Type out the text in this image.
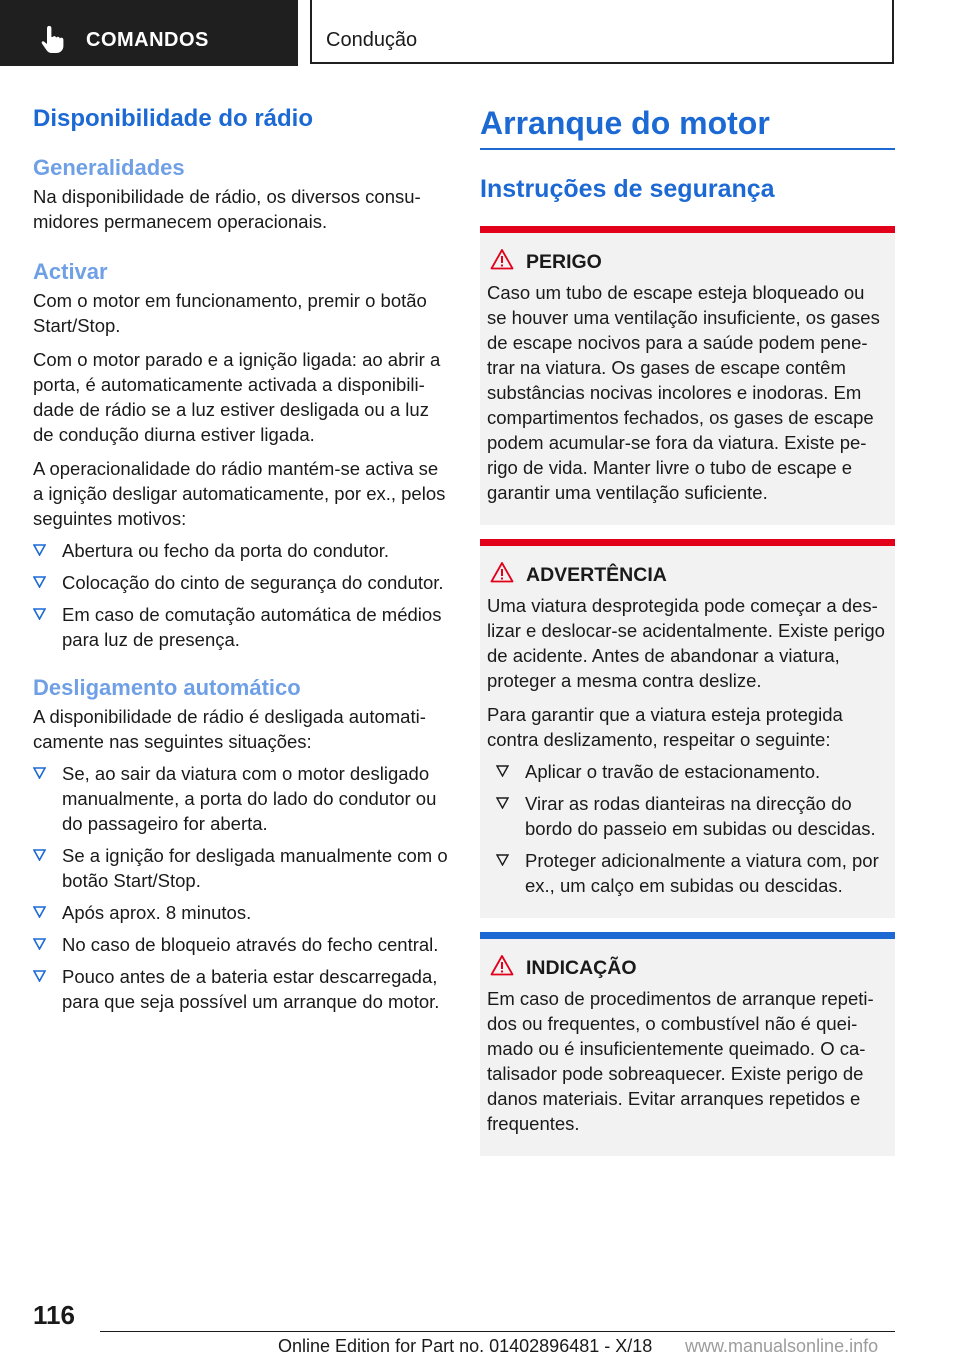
COMANDOS	Condução
Disponibilidade do rádio
Generalidades

Na disponibilidade de rádio, os diversos consumidores permanecem operacionais.

Activar

Com o motor em funcionamento, premir o botão Start/Stop.

Com o motor parado e a ignição ligada: ao abrir a porta, é automaticamente activada a disponibilidade de rádio se a luz estiver desligada ou a luz de condução diurna estiver ligada.

A operacionalidade do rádio mantém-se activa se a ignição desligar automaticamente, por ex., pelos seguintes motivos:

Abertura ou fecho da porta do condutor.
Colocação do cinto de segurança do condutor.
Em caso de comutação automática de médios para luz de presença.
Desligamento automático

A disponibilidade de rádio é desligada automaticamente nas seguintes situações:

Se, ao sair da viatura com o motor desligado manualmente, a porta do lado do condutor ou do passageiro for aberta.
Se a ignição for desligada manualmente com o botão Start/Stop.
Após aprox. 8 minutos.
No caso de bloqueio através do fecho central.
Pouco antes de a bateria estar descarregada, para que seja possível um arranque do motor.
Arranque do motor
Instruções de segurança
PERIGO

Caso um tubo de escape esteja bloqueado ou se houver uma ventilação insuficiente, os gases de escape nocivos para a saúde podem penetrar na viatura. Os gases de escape contêm substâncias nocivas incolores e inodoras. Em compartimentos fechados, os gases de escape podem acumular-se fora da viatura. Existe perigo de vida. Manter livre o tubo de escape e garantir uma ventilação suficiente.

ADVERTÊNCIA

Uma viatura desprotegida pode começar a deslizar e deslocar-se acidentalmente. Existe perigo de acidente. Antes de abandonar a viatura, proteger a mesma contra deslize.

Para garantir que a viatura esteja protegida contra deslizamento, respeitar o seguinte:

Aplicar o travão de estacionamento.
Virar as rodas dianteiras na direcção do bordo do passeio em subidas ou descidas.
Proteger adicionalmente a viatura com, por ex., um calço em subidas ou descidas.
INDICAÇÃO

Em caso de procedimentos de arranque repetidos ou frequentes, o combustível não é queimado ou é insuficientemente queimado. O catalisador pode sobreaquecer. Existe perigo de danos materiais. Evitar arranques repetidos e frequentes.

116
Online Edition for Part no. 01402896481 - X/18 www.manualsonline.info
